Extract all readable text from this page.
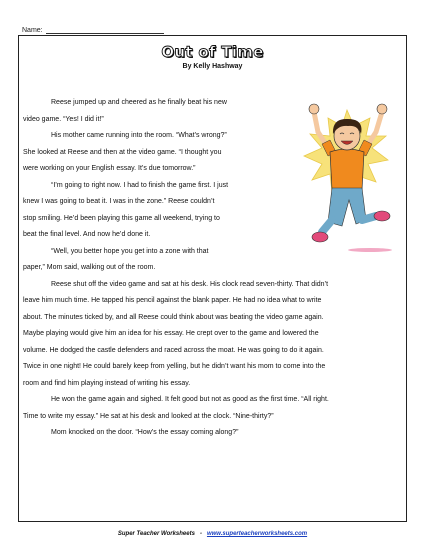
Name:
Out of Time
By Kelly Hashway
Reese jumped up and cheered as he finally beat his new
video game. “Yes! I did it!”
His mother came running into the room. “What’s wrong?”
She looked at Reese and then at the video game. “I thought you
were working on your English essay. It’s due tomorrow.”
“I’m going to right now. I had to finish the game first. I just
knew I was going to beat it. I was in the zone.” Reese couldn’t
stop smiling. He’d been playing this game all weekend, trying to
beat the final level. And now he’d done it.
“Well, you better hope you get into a zone with that
paper,” Mom said, walking out of the room.
Reese shut off the video game and sat at his desk. His clock read seven-thirty. That didn’t
leave him much time. He tapped his pencil against the blank paper. He had no idea what to write
about. The minutes ticked by, and all Reese could think about was beating the video game again.
Maybe playing would give him an idea for his essay. He crept over to the game and lowered the
volume. He dodged the castle defenders and raced across the moat. He was going to do it again.
Twice in one night! He could barely keep from yelling, but he didn’t want his mom to come into the
room and find him playing instead of writing his essay.
He won the game again and sighed. It felt good but not as good as the first time. “All right.
Time to write my essay.” He sat at his desk and looked at the clock. “Nine-thirty?”
Mom knocked on the door. “How’s the essay coming along?”
Super Teacher Worksheets - www.superteacherworksheets.com
